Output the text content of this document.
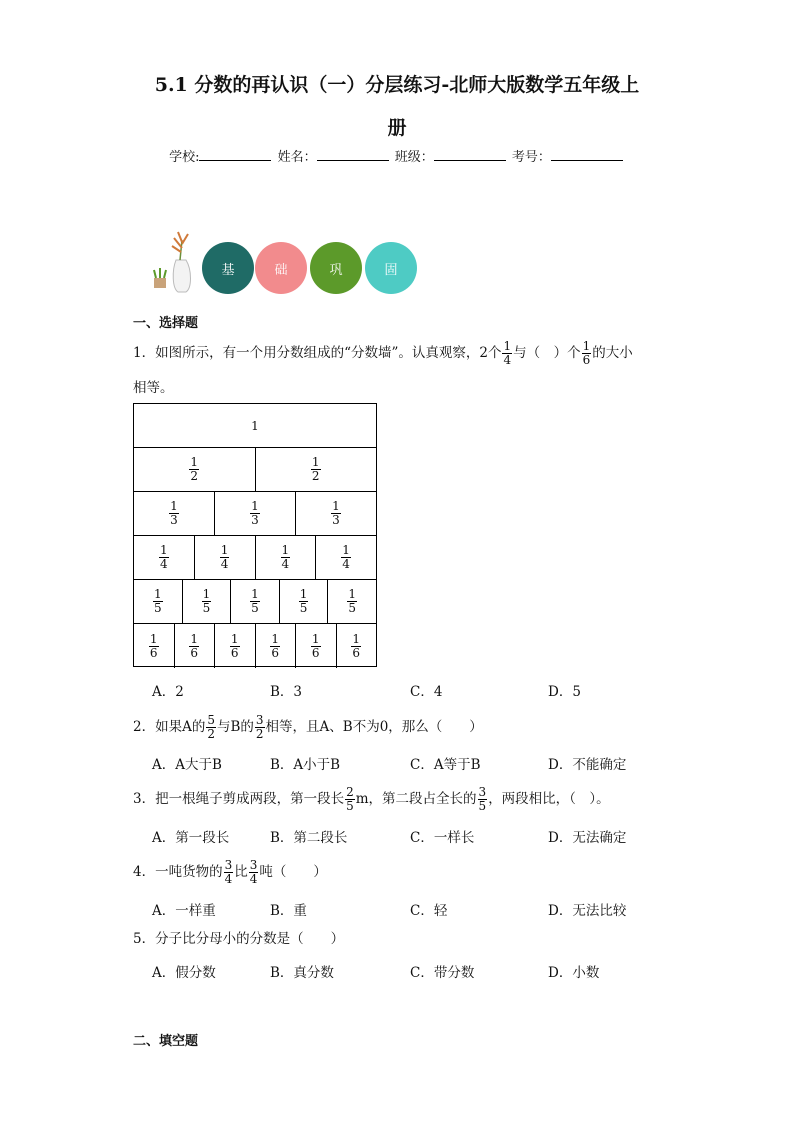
5.1 分数的再认识（一）分层练习-北师大版数学五年级上
册
学校:	姓名：	班级：	考号：
基	础	巩	固
一、选择题
1．如图所示，有一个用分数组成的“分数墙”。认真观察，2个 $\frac{1}{4}$ 与（　）个 $\frac{1}{6}$ 的大小
相等。
1
$\frac{1}{2}$	$\frac{1}{2}$
$\frac{1}{3}$	$\frac{1}{3}$	$\frac{1}{3}$
$\frac{1}{4}$	$\frac{1}{4}$	$\frac{1}{4}$	$\frac{1}{4}$
$\frac{1}{5}$	$\frac{1}{5}$	$\frac{1}{5}$	$\frac{1}{5}$	$\frac{1}{5}$
$\frac{1}{6}$	$\frac{1}{6}$	$\frac{1}{6}$	$\frac{1}{6}$	$\frac{1}{6}$	$\frac{1}{6}$
A．2	B．3	C．4	D．5
2．如果A的 $\frac{5}{2}$ 与B的 $\frac{3}{2}$ 相等，且A、B不为0，那么（　　）
A．A大于B	B．A小于B	C．A等于B	D．不能确定
3．把一根绳子剪成两段，第一段长 $\frac{2}{5}$ m，第二段占全长的 $\frac{3}{5}$ ，两段相比，（　）。
A．第一段长	B．第二段长	C．一样长	D．无法确定
4．一吨货物的 $\frac{3}{4}$ 比 $\frac{3}{4}$ 吨（　　）
A．一样重	B．重	C．轻	D．无法比较
5．分子比分母小的分数是（　　）
A．假分数	B．真分数	C．带分数	D．小数
二、填空题
